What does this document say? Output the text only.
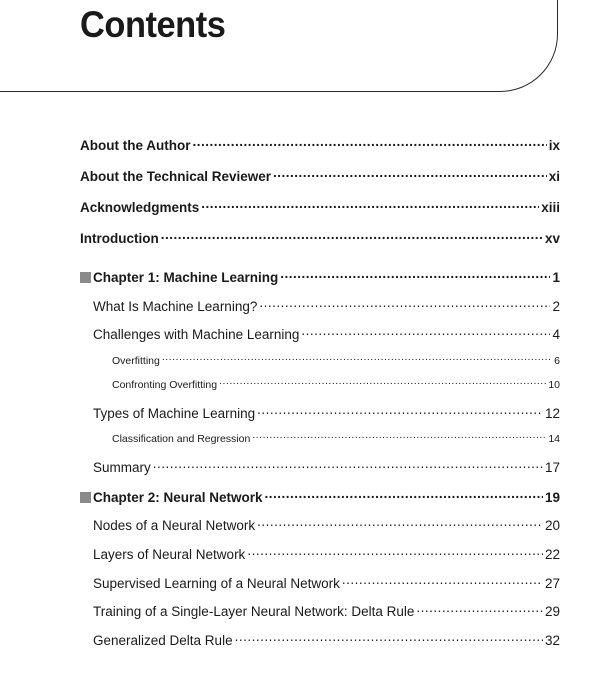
Contents
About the Author .....	ix
About the Technical Reviewer .....	xi
Acknowledgments .....	xiii
Introduction .....	xv
Chapter 1: Machine Learning .....	1
What Is Machine Learning? .....	2
Challenges with Machine Learning .....	4
Overfitting .....	6
Confronting Overfitting .....	10
Types of Machine Learning .....	12
Classification and Regression .....	14
Summary .....	17
Chapter 2: Neural Network .....	19
Nodes of a Neural Network .....	20
Layers of Neural Network .....	22
Supervised Learning of a Neural Network .....	27
Training of a Single-Layer Neural Network: Delta Rule .....	29
Generalized Delta Rule .....	32
